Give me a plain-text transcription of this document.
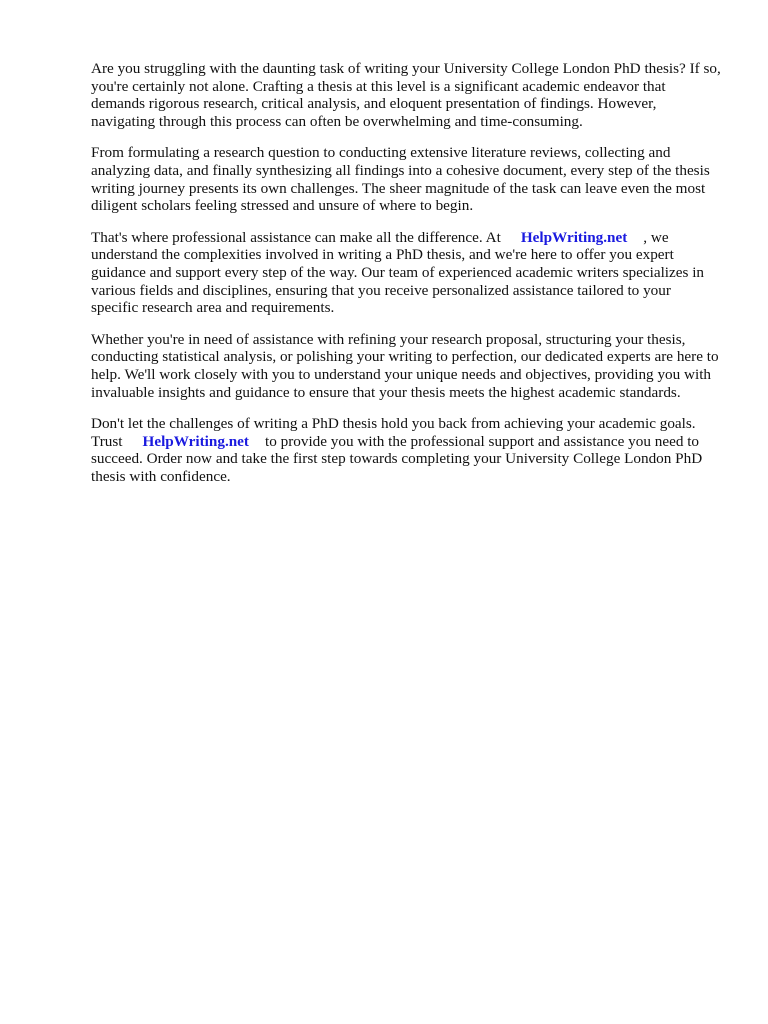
Are you struggling with the daunting task of writing your University College London PhD thesis? If so, you're certainly not alone. Crafting a thesis at this level is a significant academic endeavor that demands rigorous research, critical analysis, and eloquent presentation of findings. However, navigating through this process can often be overwhelming and time-consuming.

From formulating a research question to conducting extensive literature reviews, collecting and analyzing data, and finally synthesizing all findings into a cohesive document, every step of the thesis writing journey presents its own challenges. The sheer magnitude of the task can leave even the most diligent scholars feeling stressed and unsure of where to begin.

That's where professional assistance can make all the difference. At HelpWriting.net , we understand the complexities involved in writing a PhD thesis, and we're here to offer you expert guidance and support every step of the way. Our team of experienced academic writers specializes in various fields and disciplines, ensuring that you receive personalized assistance tailored to your specific research area and requirements.

Whether you're in need of assistance with refining your research proposal, structuring your thesis, conducting statistical analysis, or polishing your writing to perfection, our dedicated experts are here to help. We'll work closely with you to understand your unique needs and objectives, providing you with invaluable insights and guidance to ensure that your thesis meets the highest academic standards.

Don't let the challenges of writing a PhD thesis hold you back from achieving your academic goals. Trust HelpWriting.net to provide you with the professional support and assistance you need to succeed. Order now and take the first step towards completing your University College London PhD thesis with confidence.
